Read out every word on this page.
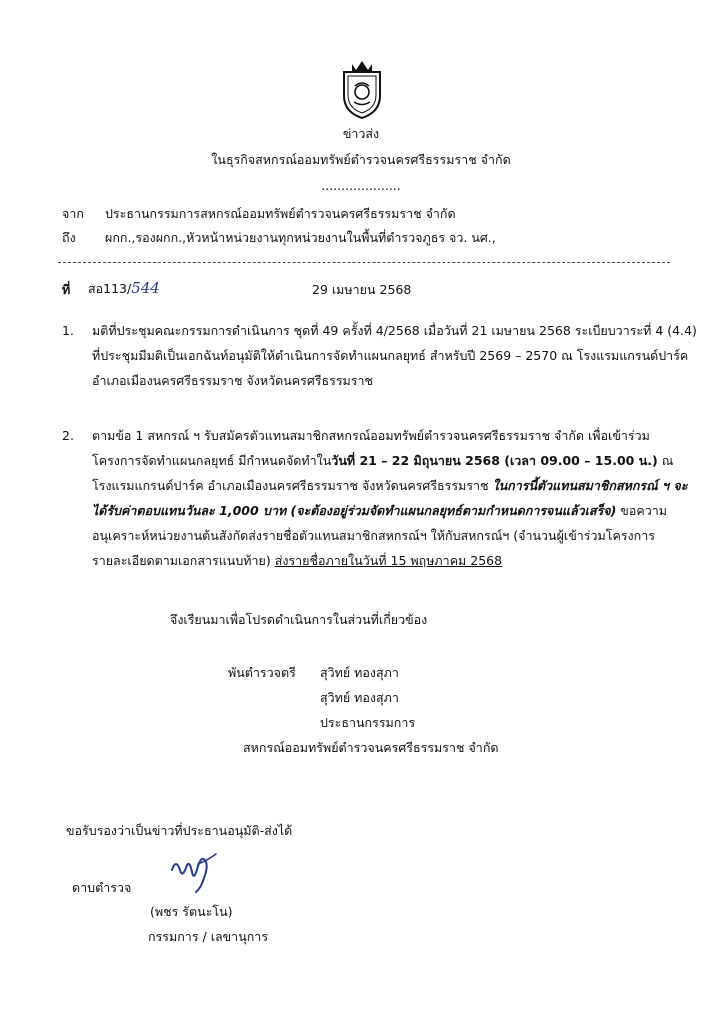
ข่าวส่ง
ในธุรกิจสหกรณ์ออมทรัพย์ตำรวจนครศรีธรรมราช จำกัด
....................
จาก ประธานกรรมการสหกรณ์ออมทรัพย์ตำรวจนครศรีธรรมราช จำกัด
ถึง ผกก.,รองผกก.,หัวหน้าหน่วยงานทุกหน่วยงานในพื้นที่ตำรวจภูธร จว. นศ.,
ที่ สอ113/544	29 เมษายน 2568
1. มติที่ประชุมคณะกรรมการดำเนินการ ชุดที่ 49 ครั้งที่ 4/2568 เมื่อวันที่ 21 เมษายน 2568 ระเบียบวาระที่ 4 (4.4)
ที่ประชุมมีมติเป็นเอกฉันท์อนุมัติให้ดำเนินการจัดทำแผนกลยุทธ์ สำหรับปี 2569 – 2570 ณ โรงแรมแกรนด์ปาร์ค
อำเภอเมืองนครศรีธรรมราช จังหวัดนครศรีธรรมราช
2. ตามข้อ 1 สหกรณ์ ฯ รับสมัครตัวแทนสมาชิกสหกรณ์ออมทรัพย์ตำรวจนครศรีธรรมราช จำกัด เพื่อเข้าร่วม
โครงการจัดทำแผนกลยุทธ์ มีกำหนดจัดทำในวันที่ 21 – 22 มิถุนายน 2568 (เวลา 09.00 – 15.00 น.) ณ
โรงแรมแกรนด์ปาร์ค อำเภอเมืองนครศรีธรรมราช จังหวัดนครศรีธรรมราช ในการนี้ตัวแทนสมาชิกสหกรณ์ ฯ จะ
ได้รับค่าตอบแทนวันละ 1,000 บาท (จะต้องอยู่ร่วมจัดทำแผนกลยุทธ์ตามกำหนดการจนแล้วเสร็จ) ขอความ
อนุเคราะห์หน่วยงานต้นสังกัดส่งรายชื่อตัวแทนสมาชิกสหกรณ์ฯ ให้กับสหกรณ์ฯ (จำนวนผู้เข้าร่วมโครงการ
รายละเอียดตามเอกสารแนบท้าย) ส่งรายชื่อภายในวันที่ 15 พฤษภาคม 2568
จึงเรียนมาเพื่อโปรดดำเนินการในส่วนที่เกี่ยวข้อง
พันตำรวจตรี สุวิทย์ ทองสุภา
สุวิทย์ ทองสุภา
ประธานกรรมการ
สหกรณ์ออมทรัพย์ตำรวจนครศรีธรรมราช จำกัด
ขอรับรองว่าเป็นข่าวที่ประธานอนุมัติ-ส่งได้
ดาบตำรวจ
(พชร รัตนะโน)
กรรมการ / เลขานุการ
